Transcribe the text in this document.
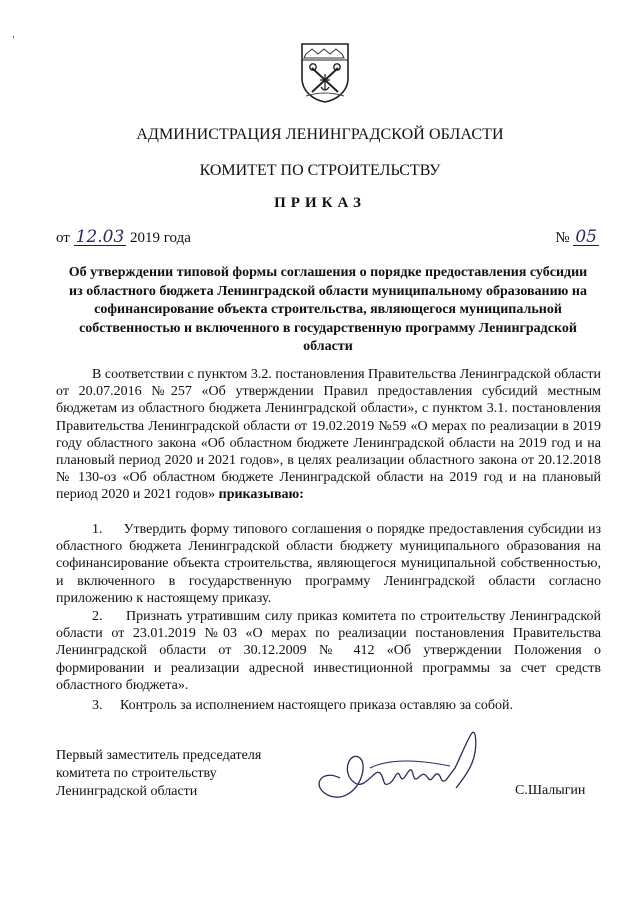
ʻ
АДМИНИСТРАЦИЯ ЛЕНИНГРАДСКОЙ ОБЛАСТИ
КОМИТЕТ ПО СТРОИТЕЛЬСТВУ
ПРИКАЗ
от 12.03 2019 года	№ 05
Об утверждении типовой формы соглашения о порядке предоставления субсидии из областного бюджета Ленинградской области муниципальному образованию на софинансирование объекта строительства, являющегося муниципальной собственностью и включенного в государственную программу Ленинградской области
В соответствии с пунктом 3.2. постановления Правительства Ленинградской области от 20.07.2016 №257 «Об утверждении Правил предоставления субсидий местным бюджетам из областного бюджета Ленинградской области», с пунктом 3.1. постановления Правительства Ленинградской области от 19.02.2019 №59 «О мерах по реализации в 2019 году областного закона «Об областном бюджете Ленинградской области на 2019 год и на плановый период 2020 и 2021 годов», в целях реализации областного закона от 20.12.2018 № 130-оз «Об областном бюджете Ленинградской области на 2019 год и на плановый период 2020 и 2021 годов» приказываю:
1. Утвердить форму типового соглашения о порядке предоставления субсидии из областного бюджета Ленинградской области бюджету муниципального образования на софинансирование объекта строительства, являющегося муниципальной собственностью, и включенного в государственную программу Ленинградской области согласно приложению к настоящему приказу.
2. Признать утратившим силу приказ комитета по строительству Ленинградской области от 23.01.2019 №03 «О мерах по реализации постановления Правительства Ленинградской области от 30.12.2009 № 412 «Об утверждении Положения о формировании и реализации адресной инвестиционной программы за счет средств областного бюджета».
3. Контроль за исполнением настоящего приказа оставляю за собой.
Первый заместитель председателя
комитета по строительству
Ленинградской области	С.Шалыгин
